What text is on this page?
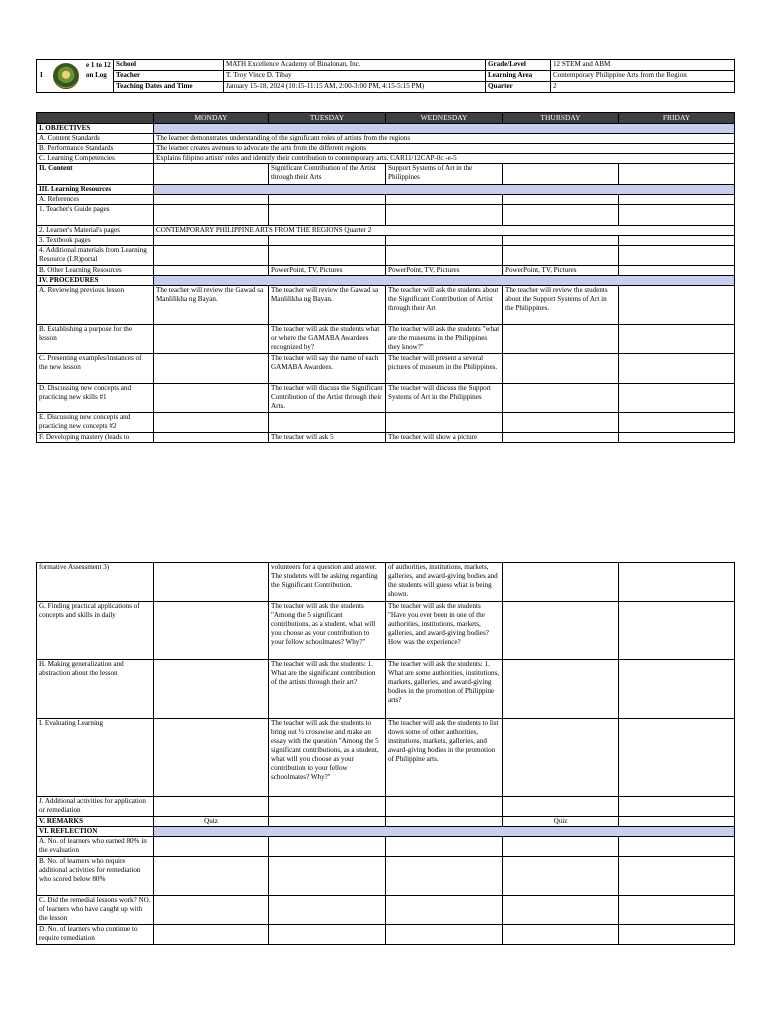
I
e 1 to 12
on Log	School	MATH Excellence Academy of Binalonan, Inc.	Grade/Level	12 STEM and ABM
	Teacher	T. Troy Vince D. Tibay	Learning Area	Contemporary Philippine Arts from the Region
	Teaching Dates and Time	January 15-18, 2024 (10:15-11:15 AM, 2:00-3:00 PM, 4:15-5:15 PM)	Quarter	2
	MONDAY	TUESDAY	WEDNESDAY	THURSDAY	FRIDAY
I. OBJECTIVES					
A. Content Standards	The learner demonstrates understanding of the significant roles of artists from the regions				
B. Performance Standards	The learner creates avenues to advocate the arts from the different regions				
C. Learning Competencies	Explains filipino artists' roles and identify their contribution to contemporary arts. CAR11/12CAP-0c -e-5				
II. Content		Significant Contribution of the Artist through their Arts	Support Systems of Art in the Philippines		
III. Learning Resources					
A. References					
1. Teacher's Guide pages					
2. Learner's Material's pages	CONTEMPORARY PHILIPPINE ARTS FROM THE REGIONS Quarter 2				
3. Textbook pages					
4. Additional materials from Learning Resource (LR)portal					
B. Other Learning Resources		PowerPoint, TV, Pictures	PowerPoint, TV, Pictures	PowerPoint, TV, Pictures	
IV. PROCEDURES					
A. Reviewing previous lesson	The teacher will review the Gawad sa Manlilikha ng Bayan.	The teacher will review the Gawad sa Manlilikha ng Bayan.	The teacher will ask the students about the Significant Contribution of Artist through their Art	The teacher will review the students about the Support Systems of Art in the Philippines.	
B. Establishing a purpose for the lesson		The teacher will ask the students what or where the GAMABA Awardees recognized by?	The teacher will ask the students "what are the museums in the Philippines they know?"		
C. Presenting examples/instances of the new lesson		The teacher will say the name of each GAMABA Awardees.	The teacher will present a several pictures of museum in the Philippines.		
D. Discussing new concepts and practicing new skills #1		The teacher will discuss the Significant Contribution of the Artist through their Arts.	The teacher will discuss the Support Systems of Art in the Philippines		
E. Discussing new concepts and practicing new concepts #2					
F. Developing mastery (leads to		The teacher will ask 5	The teacher will show a picture		
formative Assessment 3)		volunteers for a question and answer. The students will be asking regarding the Significant Contribution.	of authorities, institutions, markets, galleries, and award-giving bodies and the students will guess what is being shown.		
G. Finding practical applications of concepts and skills in daily		The teacher will ask the students "Among the 5 significant contributions, as a student, what will you choose as your contribution to your fellow schoolmates? Why?"	The teacher will ask the students "Have you ever been in one of the authorities, institutions, markets, galleries, and award-giving bodies? How was the experience?		
H. Making generalization and abstraction about the lesson		The teacher will ask the students: 1. What are the significant contribution of the artists through their art?	The teacher will ask the students: 1. What are some authorities, institutions, markets, galleries, and award-giving bodies in the promotion of Philippine arts?		
I. Evaluating Learning		The teacher will ask the students to bring out ½ crosswise and make an essay with the question "Among the 5 significant contributions, as a student, what will you choose as your contribution to your fellow schoolmates? Why?"	The teacher will ask the students to list down some of other authorities, institutions, markets, galleries, and award-giving bodies in the promotion of Philippine arts.		
J. Additional activities for application or remediation					
V. REMARKS	Quiz			Quiz	
VI. REFLECTION					
A. No. of learners who earned 80% in the evaluation					
B. No. of learners who require additional activities for remediation who scored below 80%					
C. Did the remedial lessons work? NO. of learners who have caught up with the lesson					
D. No. of learners who continue to require remediation					
